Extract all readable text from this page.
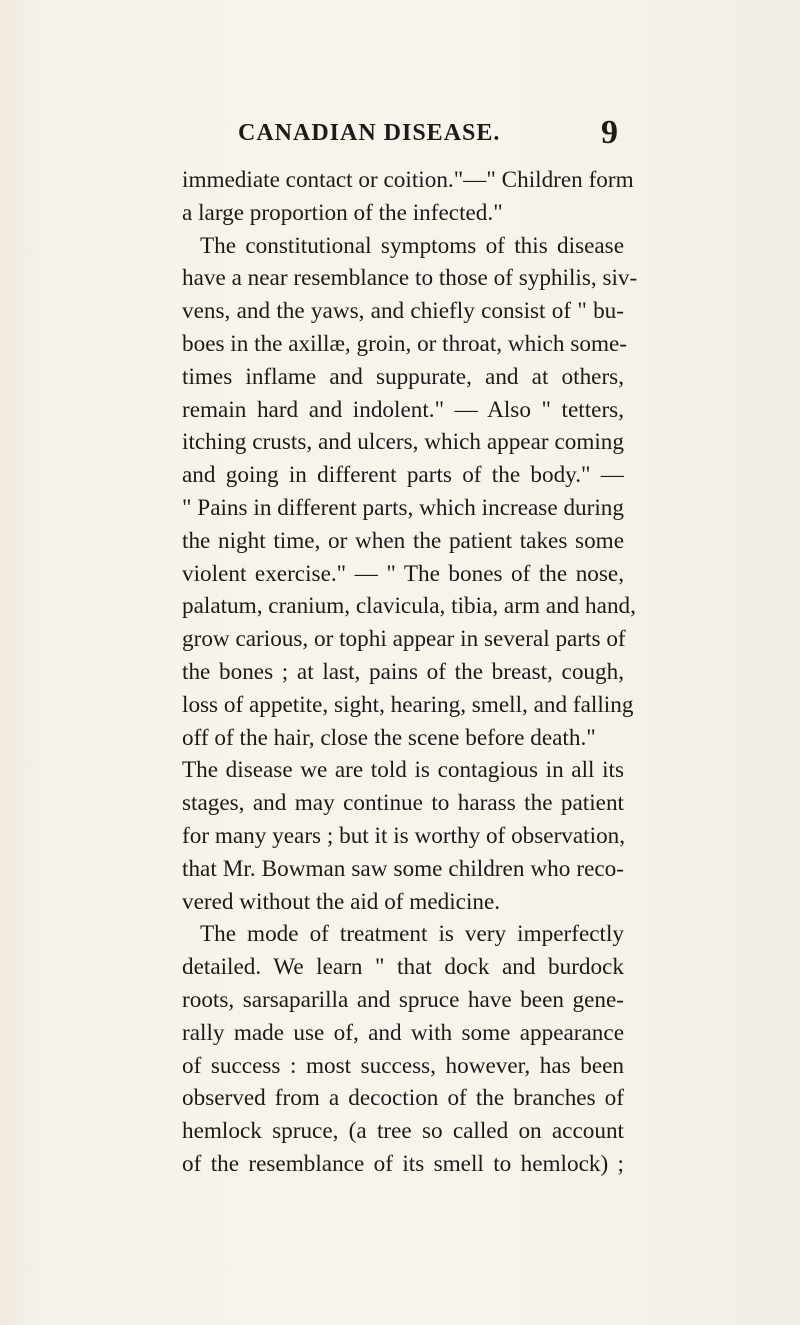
CANADIAN DISEASE.	9
immediate contact or coition."—" Children form
a large proportion of the infected."
The constitutional symptoms of this disease
have a near resemblance to those of syphilis, siv-
vens, and the yaws, and chiefly consist of " bu-
boes in the axillæ, groin, or throat, which some-
times inflame and suppurate, and at others,
remain hard and indolent." — Also " tetters,
itching crusts, and ulcers, which appear coming
and going in different parts of the body." —
" Pains in different parts, which increase during
the night time, or when the patient takes some
violent exercise." — " The bones of the nose,
palatum, cranium, clavicula, tibia, arm and hand,
grow carious, or tophi appear in several parts of
the bones ; at last, pains of the breast, cough,
loss of appetite, sight, hearing, smell, and falling
off of the hair, close the scene before death."
The disease we are told is contagious in all its
stages, and may continue to harass the patient
for many years ; but it is worthy of observation,
that Mr. Bowman saw some children who reco-
vered without the aid of medicine.
The mode of treatment is very imperfectly
detailed. We learn " that dock and burdock
roots, sarsaparilla and spruce have been gene-
rally made use of, and with some appearance
of success : most success, however, has been
observed from a decoction of the branches of
hemlock spruce, (a tree so called on account
of the resemblance of its smell to hemlock) ;
